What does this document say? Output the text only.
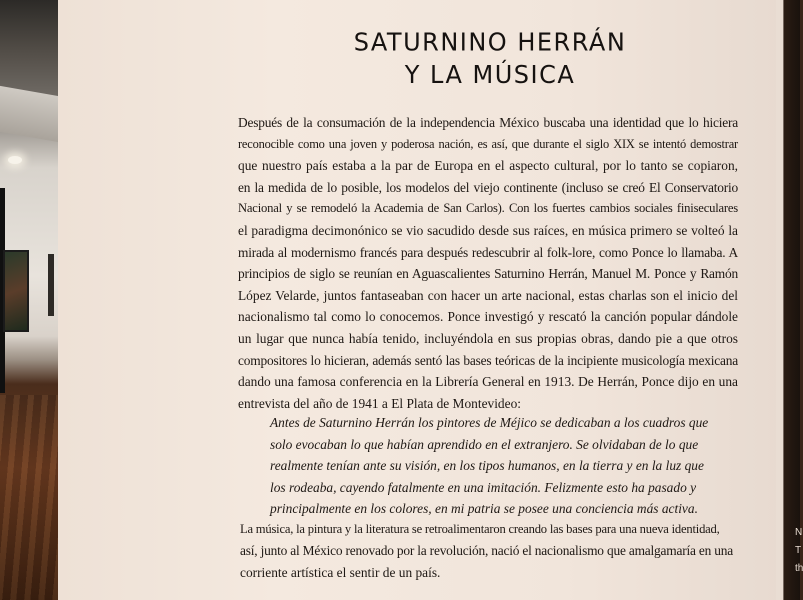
N
T
th
SATURNINO HERRÁN
Y LA MÚSICA
Después de la consumación de la independencia México buscaba una identidad que lo hiciera
reconocible como una joven y poderosa nación, es así, que durante el siglo XIX se intentó demostrar
que nuestro país estaba a la par de Europa en el aspecto cultural, por lo tanto se copiaron,
en la medida de lo posible, los modelos del viejo continente (incluso se creó El Conservatorio
Nacional y se remodeló la Academia de San Carlos). Con los fuertes cambios sociales finiseculares
el paradigma decimonónico se vio sacudido desde sus raíces, en música primero se volteó la
mirada al modernismo francés para después redescubrir al folk-lore, como Ponce lo llamaba. A
principios de siglo se reunían en Aguascalientes Saturnino Herrán, Manuel M. Ponce y Ramón
López Velarde, juntos fantaseaban con hacer un arte nacional, estas charlas son el inicio del
nacionalismo tal como lo conocemos. Ponce investigó y rescató la canción popular dándole
un lugar que nunca había tenido, incluyéndola en sus propias obras, dando pie a que otros
compositores lo hicieran, además sentó las bases teóricas de la incipiente musicología mexicana
dando una famosa conferencia en la Librería General en 1913. De Herrán, Ponce dijo en una
entrevista del año de 1941 a El Plata de Montevideo:
Antes de Saturnino Herrán los pintores de Méjico se dedicaban a los cuadros que
solo evocaban lo que habían aprendido en el extranjero. Se olvidaban de lo que
realmente tenían ante su visión, en los tipos humanos, en la tierra y en la luz que
los rodeaba, cayendo fatalmente en una imitación. Felizmente esto ha pasado y
principalmente en los colores, en mi patria se posee una conciencia más activa.
La música, la pintura y la literatura se retroalimentaron creando las bases para una nueva identidad,
así, junto al México renovado por la revolución, nació el nacionalismo que amalgamaría en una
corriente artística el sentir de un país.
